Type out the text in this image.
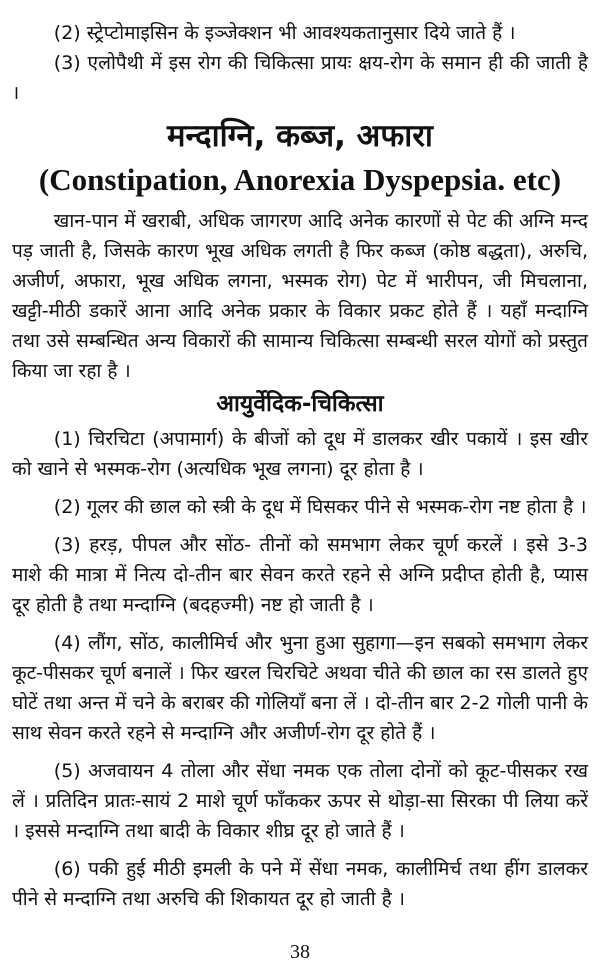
(2) स्ट्रेप्टोमाइसिन के इञ्जेक्शन भी आवश्यकतानुसार दिये जाते हैं ।

(3) एलोपैथी में इस रोग की चिकित्सा प्रायः क्षय-रोग के समान ही की जाती है ।

मन्दाग्नि, कब्ज, अफारा
(Constipation, Anorexia Dyspepsia. etc)

खान-पान में खराबी, अधिक जागरण आदि अनेक कारणों से पेट की अग्नि मन्द पड़ जाती है, जिसके कारण भूख अधिक लगती है फिर कब्ज (कोष्ठ बद्धता), अरुचि, अजीर्ण, अफारा, भूख अधिक लगना, भस्मक रोग) पेट में भारीपन, जी मिचलाना, खट्टी-मीठी डकारें आना आदि अनेक प्रकार के विकार प्रकट होते हैं । यहाँ मन्दाग्नि तथा उसे सम्बन्धित अन्य विकारों की सामान्य चिकित्सा सम्बन्धी सरल योगों को प्रस्तुत किया जा रहा है ।

आयुर्वेदिक-चिकित्सा

(1) चिरचिटा (अपामार्ग) के बीजों को दूध में डालकर खीर पकायें । इस खीर को खाने से भस्मक-रोग (अत्यधिक भूख लगना) दूर होता है ।

(2) गूलर की छाल को स्त्री के दूध में घिसकर पीने से भस्मक-रोग नष्ट होता है ।

(3) हरड़, पीपल और सोंठ- तीनों को समभाग लेकर चूर्ण करलें । इसे 3-3 माशे की मात्रा में नित्य दो-तीन बार सेवन करते रहने से अग्नि प्रदीप्त होती है, प्यास दूर होती है तथा मन्दाग्नि (बदहज्मी) नष्ट हो जाती है ।

(4) लौंग, सोंठ, कालीमिर्च और भुना हुआ सुहागा—इन सबको समभाग लेकर कूट-पीसकर चूर्ण बनालें । फिर खरल चिरचिटे अथवा चीते की छाल का रस डालते हुए घोटें तथा अन्त में चने के बराबर की गोलियाँ बना लें । दो-तीन बार 2-2 गोली पानी के साथ सेवन करते रहने से मन्दाग्नि और अजीर्ण-रोग दूर होते हैं ।

(5) अजवायन 4 तोला और सेंधा नमक एक तोला दोनों को कूट-पीसकर रख लें । प्रतिदिन प्रातः-सायं 2 माशे चूर्ण फाँककर ऊपर से थोड़ा-सा सिरका पी लिया करें । इससे मन्दाग्नि तथा बादी के विकार शीघ्र दूर हो जाते हैं ।

(6) पकी हुई मीठी इमली के पने में सेंधा नमक, कालीमिर्च तथा हींग डालकर पीने से मन्दाग्नि तथा अरुचि की शिकायत दूर हो जाती है ।

38
